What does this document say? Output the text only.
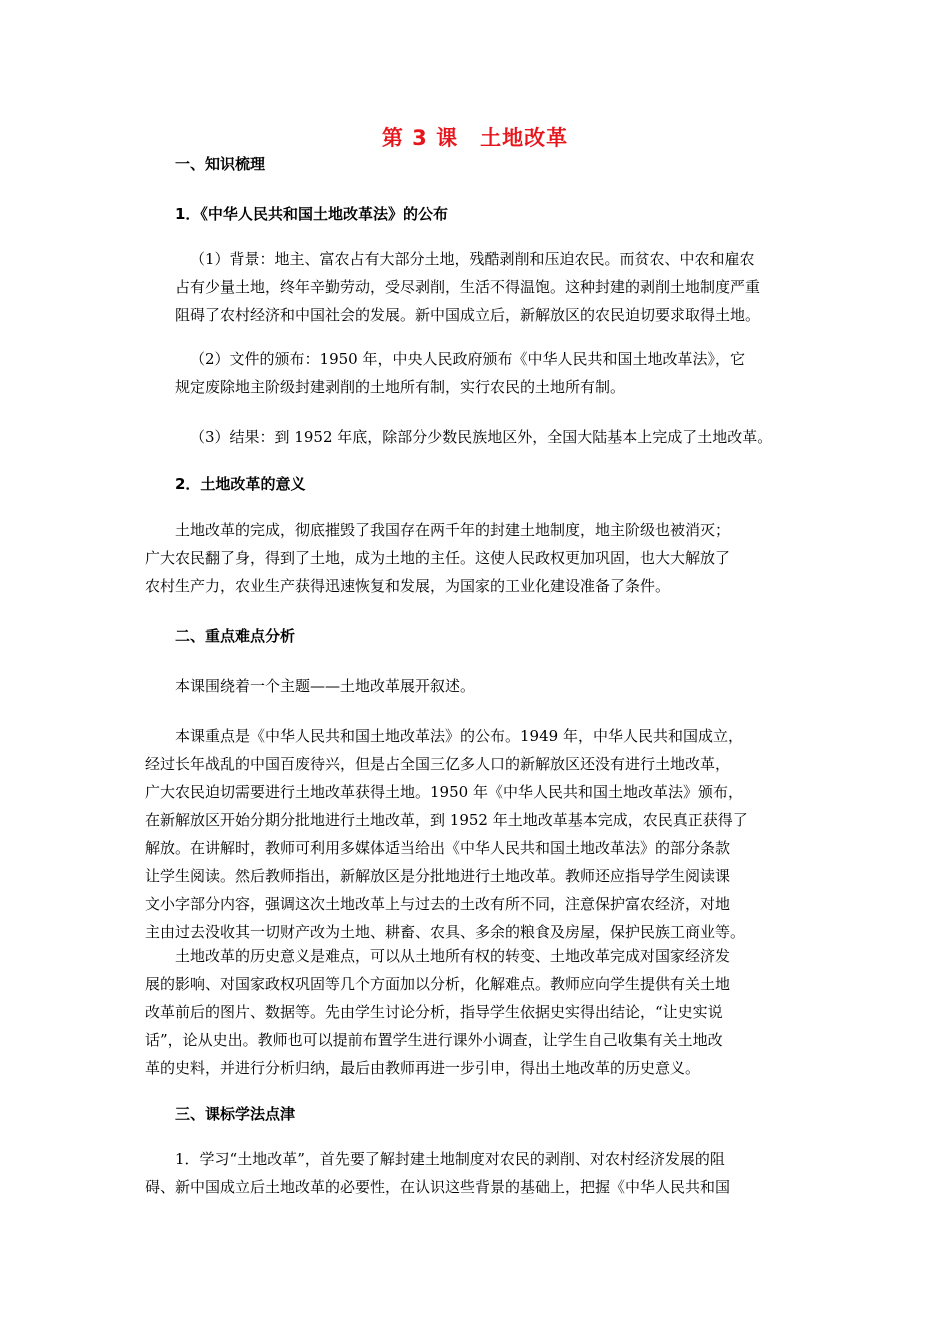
第 3 课　土地改革
一、知识梳理
1．《中华人民共和国土地改革法》的公布
（1）背景：地主、富农占有大部分土地，残酷剥削和压迫农民。而贫农、中农和雇农
占有少量土地，终年辛勤劳动，受尽剥削，生活不得温饱。这种封建的剥削土地制度严重
阻碍了农村经济和中国社会的发展。新中国成立后，新解放区的农民迫切要求取得土地。
（2）文件的颁布：1950 年，中央人民政府颁布《中华人民共和国土地改革法》，它
规定废除地主阶级封建剥削的土地所有制，实行农民的土地所有制。
（3）结果：到 1952 年底，除部分少数民族地区外，全国大陆基本上完成了土地改革。
2．土地改革的意义
土地改革的完成，彻底摧毁了我国存在两千年的封建土地制度，地主阶级也被消灭；
广大农民翻了身，得到了土地，成为土地的主任。这使人民政权更加巩固，也大大解放了
农村生产力，农业生产获得迅速恢复和发展，为国家的工业化建设准备了条件。
二、重点难点分析
本课围绕着一个主题——土地改革展开叙述。
本课重点是《中华人民共和国土地改革法》的公布。1949 年，中华人民共和国成立，
经过长年战乱的中国百废待兴，但是占全国三亿多人口的新解放区还没有进行土地改革，
广大农民迫切需要进行土地改革获得土地。1950 年《中华人民共和国土地改革法》颁布，
在新解放区开始分期分批地进行土地改革，到 1952 年土地改革基本完成，农民真正获得了
解放。在讲解时，教师可利用多媒体适当给出《中华人民共和国土地改革法》的部分条款
让学生阅读。然后教师指出，新解放区是分批地进行土地改革。教师还应指导学生阅读课
文小字部分内容，强调这次土地改革上与过去的土改有所不同，注意保护富农经济，对地
主由过去没收其一切财产改为土地、耕畜、农具、多余的粮食及房屋，保护民族工商业等。
土地改革的历史意义是难点，可以从土地所有权的转变、土地改革完成对国家经济发
展的影响、对国家政权巩固等几个方面加以分析，化解难点。教师应向学生提供有关土地
改革前后的图片、数据等。先由学生讨论分析，指导学生依据史实得出结论，“让史实说
话”，论从史出。教师也可以提前布置学生进行课外小调查，让学生自己收集有关土地改
革的史料，并进行分析归纳，最后由教师再进一步引申，得出土地改革的历史意义。
三、课标学法点津
1．学习“土地改革”，首先要了解封建土地制度对农民的剥削、对农村经济发展的阻
碍、新中国成立后土地改革的必要性，在认识这些背景的基础上，把握《中华人民共和国
